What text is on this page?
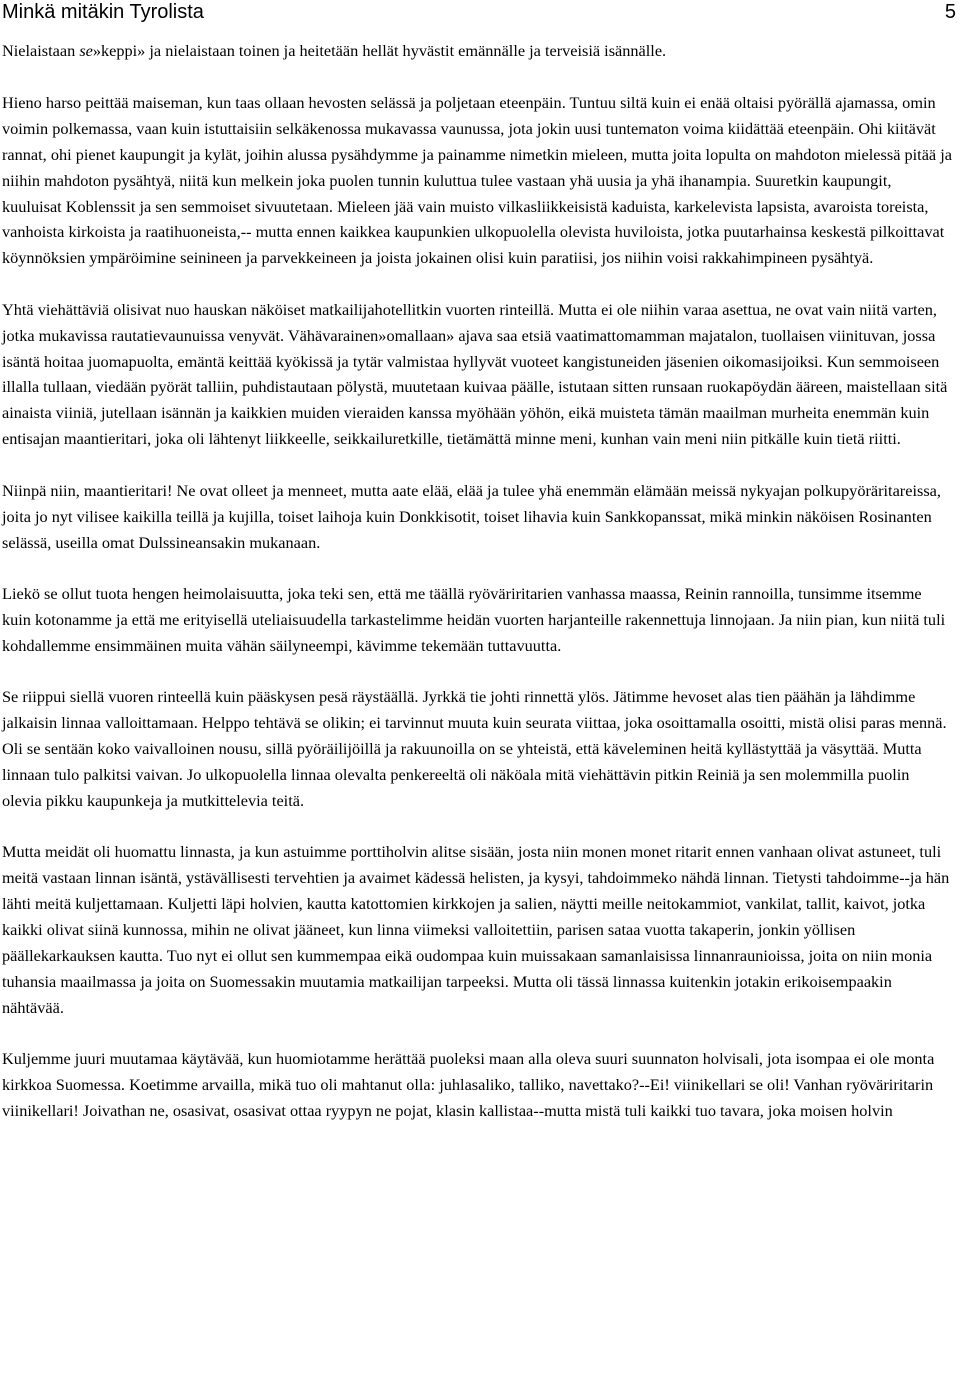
Minkä mitäkin Tyrolista	5

Nielaistaan se»keppi» ja nielaistaan toinen ja heitetään hellät hyvästit emännälle ja terveisiä isännälle.

Hieno harso peittää maiseman, kun taas ollaan hevosten selässä ja poljetaan eteenpäin. Tuntuu siltä kuin ei enää oltaisi pyörällä ajamassa, omin voimin polkemassa, vaan kuin istuttaisiin selkäkenossa mukavassa vaunussa, jota jokin uusi tuntematon voima kiidättää eteenpäin. Ohi kiitävät rannat, ohi pienet kaupungit ja kylät, joihin alussa pysähdymme ja painamme nimetkin mieleen, mutta joita lopulta on mahdoton mielessä pitää ja niihin mahdoton pysähtyä, niitä kun melkein joka puolen tunnin kuluttua tulee vastaan yhä uusia ja yhä ihanampia. Suuretkin kaupungit, kuuluisat Koblenssit ja sen semmoiset sivuutetaan. Mieleen jää vain muisto vilkasliikkeisistä kaduista, karkelevista lapsista, avaroista toreista, vanhoista kirkoista ja raatihuoneista,-- mutta ennen kaikkea kaupunkien ulkopuolella olevista huviloista, jotka puutarhainsa keskestä pilkoittavat köynnöksien ympäröimine seinineen ja parvekkeineen ja joista jokainen olisi kuin paratiisi, jos niihin voisi rakkahimpineen pysähtyä.

Yhtä viehättäviä olisivat nuo hauskan näköiset matkailijahotellitkin vuorten rinteillä. Mutta ei ole niihin varaa asettua, ne ovat vain niitä varten, jotka mukavissa rautatievaunuissa venyvät. Vähävarainen»omallaan» ajava saa etsiä vaatimattomamman majatalon, tuollaisen viinituvan, jossa isäntä hoitaa juomapuolta, emäntä keittää kyökissä ja tytär valmistaa hyllyvät vuoteet kangistuneiden jäsenien oikomasijoiksi. Kun semmoiseen illalla tullaan, viedään pyörät talliin, puhdistautaan pölystä, muutetaan kuivaa päälle, istutaan sitten runsaan ruokapöydän ääreen, maistellaan sitä ainaista viiniä, jutellaan isännän ja kaikkien muiden vieraiden kanssa myöhään yöhön, eikä muisteta tämän maailman murheita enemmän kuin entisajan maantieritari, joka oli lähtenyt liikkeelle, seikkailuretkille, tietämättä minne meni, kunhan vain meni niin pitkälle kuin tietä riitti.

Niinpä niin, maantieritari! Ne ovat olleet ja menneet, mutta aate elää, elää ja tulee yhä enemmän elämään meissä nykyajan polkupyöräritareissa, joita jo nyt vilisee kaikilla teillä ja kujilla, toiset laihoja kuin Donkkisotit, toiset lihavia kuin Sankkopanssat, mikä minkin näköisen Rosinanten selässä, useilla omat Dulssineansakin mukanaan.

Liekö se ollut tuota hengen heimolaisuutta, joka teki sen, että me täällä ryöväriritarien vanhassa maassa, Reinin rannoilla, tunsimme itsemme kuin kotonamme ja että me erityisellä uteliaisuudella tarkastelimme heidän vuorten harjanteille rakennettuja linnojaan. Ja niin pian, kun niitä tuli kohdallemme ensimmäinen muita vähän säilyneempi, kävimme tekemään tuttavuutta.

Se riippui siellä vuoren rinteellä kuin pääskysen pesä räystäällä. Jyrkkä tie johti rinnettä ylös. Jätimme hevoset alas tien päähän ja lähdimme jalkaisin linnaa valloittamaan. Helppo tehtävä se olikin; ei tarvinnut muuta kuin seurata viittaa, joka osoittamalla osoitti, mistä olisi paras mennä. Oli se sentään koko vaivalloinen nousu, sillä pyöräilijöillä ja rakuunoilla on se yhteistä, että käveleminen heitä kyllästyttää ja väsyttää. Mutta linnaan tulo palkitsi vaivan. Jo ulkopuolella linnaa olevalta penkereeltä oli näköala mitä viehättävin pitkin Reiniä ja sen molemmilla puolin olevia pikku kaupunkeja ja mutkittelevia teitä.

Mutta meidät oli huomattu linnasta, ja kun astuimme porttiholvin alitse sisään, josta niin monen monet ritarit ennen vanhaan olivat astuneet, tuli meitä vastaan linnan isäntä, ystävällisesti tervehtien ja avaimet kädessä helisten, ja kysyi, tahdoimmeko nähdä linnan. Tietysti tahdoimme--ja hän lähti meitä kuljettamaan. Kuljetti läpi holvien, kautta katottomien kirkkojen ja salien, näytti meille neitokammiot, vankilat, tallit, kaivot, jotka kaikki olivat siinä kunnossa, mihin ne olivat jääneet, kun linna viimeksi valloitettiin, parisen sataa vuotta takaperin, jonkin yöllisen päällekarkauksen kautta. Tuo nyt ei ollut sen kummempaa eikä oudompaa kuin muissakaan samanlaisissa linnanraunioissa, joita on niin monia tuhansia maailmassa ja joita on Suomessakin muutamia matkailijan tarpeeksi. Mutta oli tässä linnassa kuitenkin jotakin erikoisempaakin nähtävää.

Kuljemme juuri muutamaa käytävää, kun huomiotamme herättää puoleksi maan alla oleva suuri suunnaton holvisali, jota isompaa ei ole monta kirkkoa Suomessa. Koetimme arvailla, mikä tuo oli mahtanut olla: juhlasaliko, talliko, navettako?--Ei! viinikellari se oli! Vanhan ryöväriritarin viinikellari! Joivathan ne, osasivat, osasivat ottaa ryypyn ne pojat, klasin kallistaa--mutta mistä tuli kaikki tuo tavara, joka moisen holvin
